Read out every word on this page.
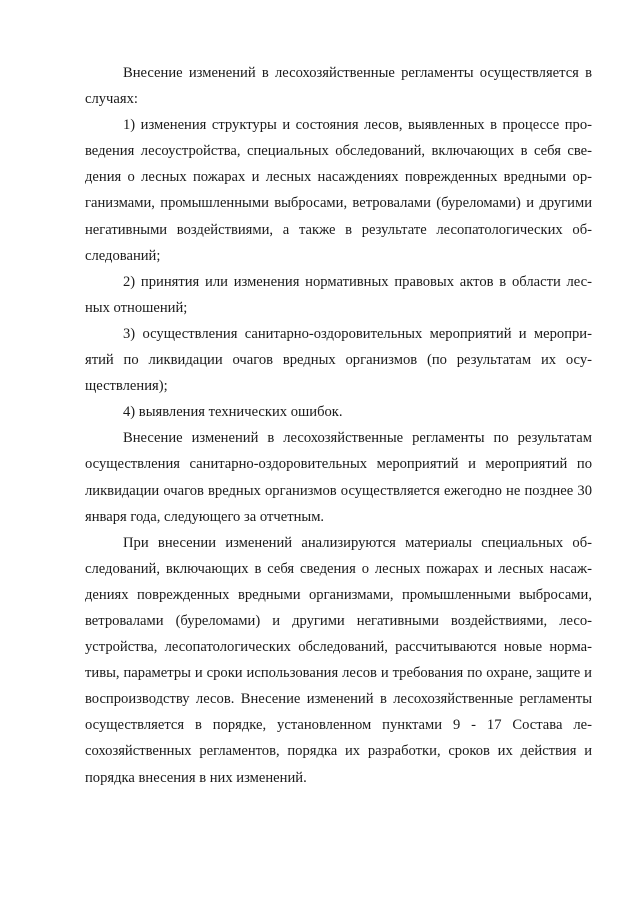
Внесение изменений в лесохозяйственные регламенты осуществляется в случаях:

1) изменения структуры и состояния лесов, выявленных в процессе проведения лесоустройства, специальных обследований, включающих в себя сведения о лесных пожарах и лесных насаждениях поврежденных вредными организмами, промышленными выбросами, ветровалами (буреломами) и другими негативными воздействиями, а также в результате лесопатологических обследований;

2) принятия или изменения нормативных правовых актов в области лесных отношений;

3) осуществления санитарно-оздоровительных мероприятий и мероприятий по ликвидации очагов вредных организмов (по результатам их осуществления);

4) выявления технических ошибок.

Внесение изменений в лесохозяйственные регламенты по результатам осуществления санитарно-оздоровительных мероприятий и мероприятий по ликвидации очагов вредных организмов осуществляется ежегодно не позднее 30 января года, следующего за отчетным.

При внесении изменений анализируются материалы специальных обследований, включающих в себя сведения о лесных пожарах и лесных насаждениях поврежденных вредными организмами, промышленными выбросами, ветровалами (буреломами) и другими негативными воздействиями, лесоустройства, лесопатологических обследований, рассчитываются новые нормативы, параметры и сроки использования лесов и требования по охране, защите и воспроизводству лесов. Внесение изменений в лесохозяйственные регламенты осуществляется в порядке, установленном пунктами 9 - 17 Состава лесохозяйственных регламентов, порядка их разработки, сроков их действия и порядка внесения в них изменений.
